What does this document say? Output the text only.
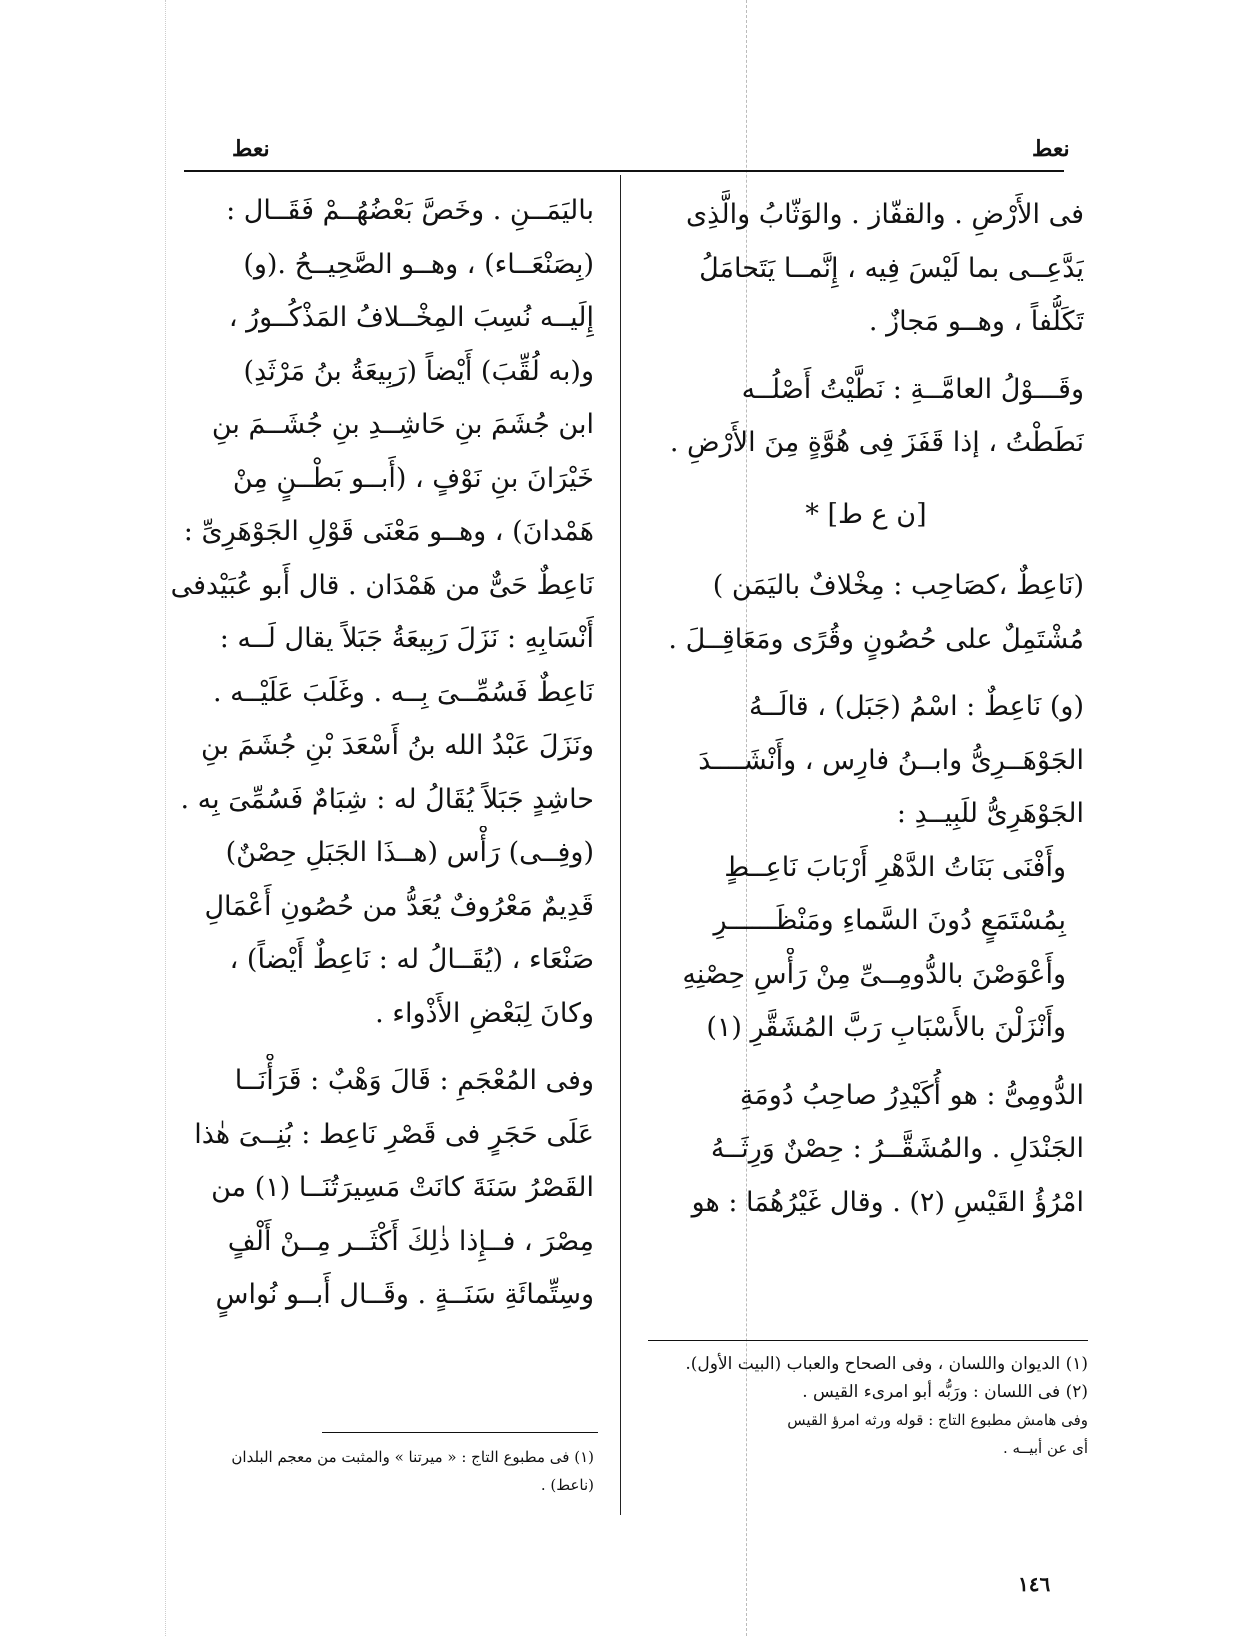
نعط
نعط
فى الأَرْضِ . والقفّاز . والوَثّابُ والَّذِى
يَدَّعِــى بما لَيْسَ فِيه ، إِنَّمــا يَتَحامَلُ
تَكَلُّفاً ، وهــو مَجازٌ .
وقَـــوْلُ العامَّــةِ : نَطَّيْتُ أَصْلُــه
نَطَطْتُ ، إذا قَفَزَ فِى هُوَّةٍ مِنَ الأَرْضِ .
[ن ع ط] *
(نَاعِطٌ ،كصَاحِب : مِخْلافٌ باليَمَن )
مُشْتَمِلٌ على حُصُونٍ وقُرًى ومَعَاقِــلَ .
(و) نَاعِطٌ : اسْمُ (جَبَل) ، قالَــهُ
الجَوْهَــرِىُّ وابــنُ فارِس ، وأَنْشَــــدَ
الجَوْهَرِىُّ للَبِيــدِ :
وأَفْنَى بَنَاتُ الدَّهْرِ أَرْبَابَ نَاعِــطٍ
بِمُسْتَمَعٍ دُونَ السَّماءِ ومَنْظَــــــرِ
وأَعْوَصْنَ بالدُّومِــىِّ مِنْ رَأْسِ حِصْنِهِ
وأَنْزَلْنَ بالأَسْبَابِ رَبَّ المُشَقَّرِ (١)
الدُّومِىُّ : هو أُكَيْدِرُ صاحِبُ دُومَةِ
الجَنْدَلِ . والمُشَقَّــرُ : حِصْنٌ وَرِثَــهُ
امْرُؤُ القَيْسِ (٢) . وقال غَيْرُهُمَا : هو
باليَمَــنِ . وخَصَّ بَعْضُهُــمْ فَقَــال :
(بِصَنْعَــاء) ، وهــو الصَّحِيــحُ .(و)
إِلَيــه نُسِبَ المِخْــلافُ المَذْكُــورُ ،
و(به لُقِّبَ) أَيْضاً (رَبِيعَةُ بنُ مَرْثَدِ)
ابن جُشَمَ بنِ حَاشِــدِ بنِ جُشَــمَ بنِ
خَيْرَانَ بنِ نَوْفٍ ، (أَبــو بَطْــنٍ مِنْ
هَمْدانَ) ، وهــو مَعْنَى قَوْلِ الجَوْهَرِىِّ :
نَاعِطٌ حَىٌّ من هَمْدَان . قال أَبو عُبَيْدفى
أَنْسَابِهِ : نَزَلَ رَبِيعَةُ جَبَلاً يقال لَــه :
نَاعِطٌ فَسُمِّــىَ بِــه . وغَلَبَ عَلَيْــه .
ونَزَلَ عَبْدُ الله بنُ أَسْعَدَ بْنِ جُشَمَ بنِ
حاشِدٍ جَبَلاً يُقَالُ له : شِبَامٌ فَسُمِّىَ بِه .
(وفِــى) رَأْس (هــذَا الجَبَلِ حِصْنٌ)
قَدِيمٌ مَعْرُوفٌ يُعَدُّ من حُصُونِ أَعْمَالِ
صَنْعَاء ، (يُقَــالُ له : نَاعِطٌ أَيْضاً) ،
وكانَ لِبَعْضِ الأَذْواء .
وفى المُعْجَمِ : قَالَ وَهْبٌ : قَرَأْنَــا
عَلَى حَجَرٍ فى قَصْرِ نَاعِط : بُنِــىَ هٰذا
القَصْرُ سَنَةَ كانَتْ مَسِيرَتُنَــا (١) من
مِصْرَ ، فــإِذا ذٰلِكَ أَكْثَــر مِــنْ أَلْفٍ
وسِتِّمائَةِ سَنَــةٍ . وقَــال أَبــو نُواسٍ
(١) الديوان واللسان ، وفى الصحاح والعباب (البيت الأول).
(٢) فى اللسان : ورَبُّه أبو امرىء القيس .
وفى هامش مطبوع التاج : قوله ورثه امرؤ القيس
أى عن أبيــه .
(١) فى مطبوع التاج : « ميرتنا » والمثبت من معجم البلدان
(ناعط) .
١٤٦
